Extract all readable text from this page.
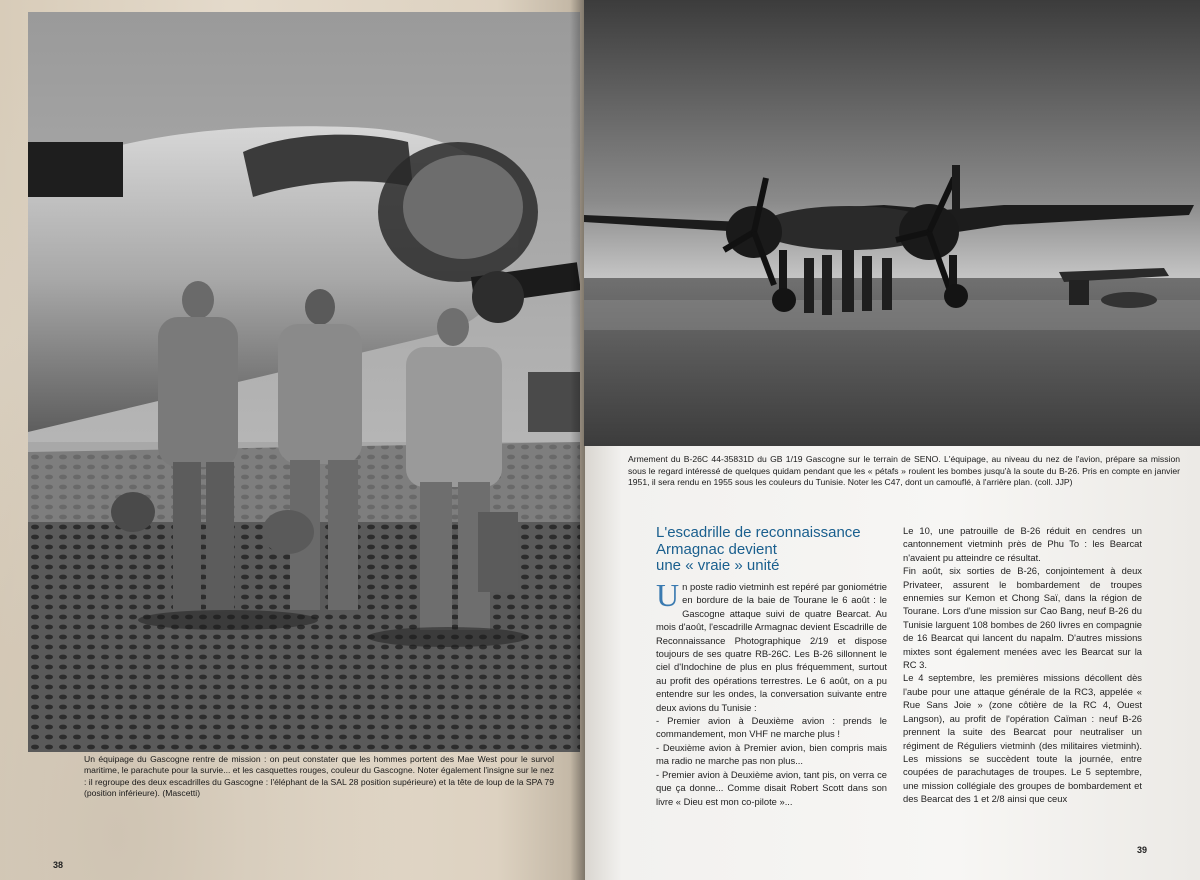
Un équipage du Gascogne rentre de mission : on peut constater que les hommes portent des Mae West pour le survol maritime, le parachute pour la survie... et les casquettes rouges, couleur du Gascogne. Noter également l'insigne sur le nez : il regroupe des deux escadrilles du Gascogne : l'éléphant de la SAL 28 position supérieure) et la tête de loup de la SPA 79 (position inférieure). (Mascetti)
38
Armement du B-26C 44-35831D du GB 1/19 Gascogne sur le terrain de SENO. L'équipage, au niveau du nez de l'avion, prépare sa mission sous le regard intéressé de quelques quidam pendant que les « pétafs » roulent les bombes jusqu'à la soute du B-26. Pris en compte en janvier 1951, il sera rendu en 1955 sous les couleurs du Tunisie. Noter les C47, dont un camouflé, à l'arrière plan. (coll. JJP)
L'escadrille de reconnaissance
Armagnac devient
une « vraie » unité

Un poste radio vietminh est repéré par goniométrie en bordure de la baie de Tourane le 6 août : le Gascogne attaque suivi de quatre Bearcat. Au mois d'août, l'escadrille Armagnac devient Escadrille de Reconnaissance Photographique 2/19 et dispose toujours de ses quatre RB-26C. Les B-26 sillonnent le ciel d'Indochine de plus en plus fréquemment, surtout au profit des opérations terrestres. Le 6 août, on a pu entendre sur les ondes, la conversation suivante entre deux avions du Tunisie :

- Premier avion à Deuxième avion : prends le commandement, mon VHF ne marche plus !

- Deuxième avion à Premier avion, bien compris mais ma radio ne marche pas non plus...

- Premier avion à Deuxième avion, tant pis, on verra ce que ça donne... Comme disait Robert Scott dans son livre « Dieu est mon co-pilote »...

Le 10, une patrouille de B-26 réduit en cendres un cantonnement vietminh près de Phu To : les Bearcat n'avaient pu atteindre ce résultat.

Fin août, six sorties de B-26, conjointement à deux Privateer, assurent le bombardement de troupes ennemies sur Kemon et Chong Saï, dans la région de Tourane. Lors d'une mission sur Cao Bang, neuf B-26 du Tunisie larguent 108 bombes de 260 livres en compagnie de 16 Bearcat qui lancent du napalm. D'autres missions mixtes sont également menées avec les Bearcat sur la RC 3.

Le 4 septembre, les premières missions décollent dès l'aube pour une attaque générale de la RC3, appelée « Rue Sans Joie » (zone côtière de la RC 4, Ouest Langson), au profit de l'opération Caïman : neuf B-26 prennent la suite des Bearcat pour neutraliser un régiment de Réguliers vietminh (des militaires vietminh). Les missions se succèdent toute la journée, entre coupées de parachutages de troupes. Le 5 septembre, une mission collégiale des groupes de bombardement et des Bearcat des 1 et 2/8 ainsi que ceux

39
